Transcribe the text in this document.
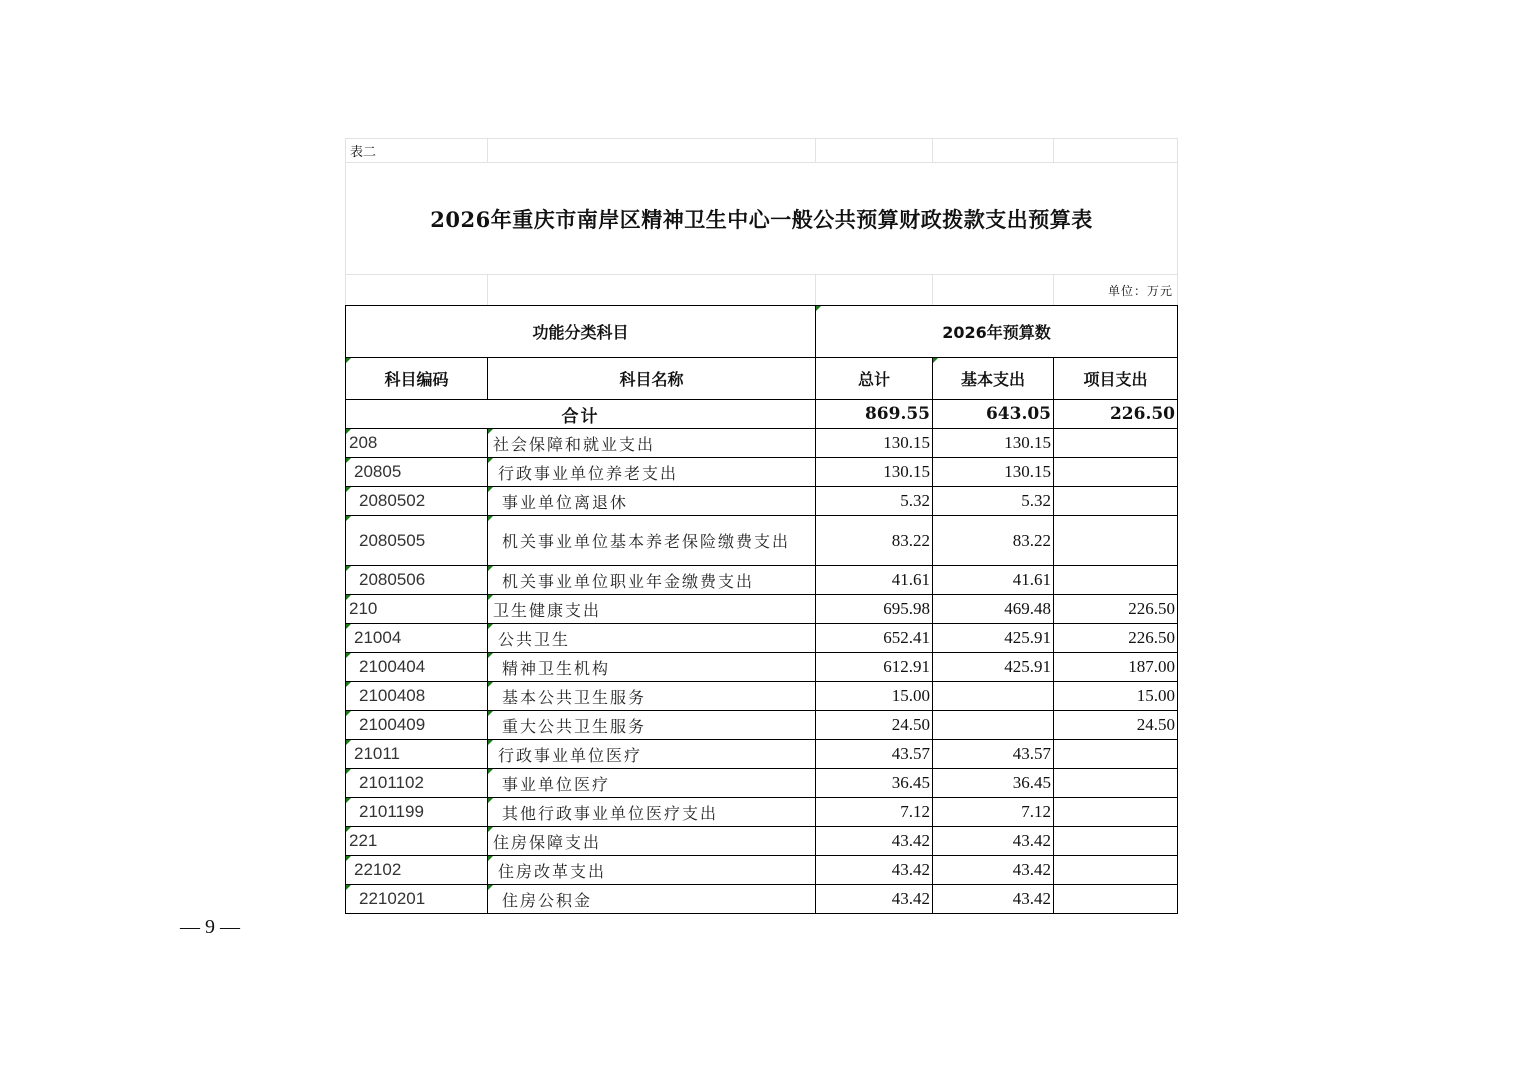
表二				
2026年重庆市南岸区精神卫生中心一般公共预算财政拨款支出预算表				
				单位：万元
功能分类科目		2026年预算数		

科目编码	科目名称	总计	基本支出	项目支出
合计		869.55	643.05	226.50

208	社会保障和就业支出	130.15	130.15	

20805	行政事业单位养老支出	130.15	130.15	

2080502	事业单位离退休	5.32	5.32	

2080505	机关事业单位基本养老保险缴费支出	83.22	83.22	

2080506	机关事业单位职业年金缴费支出	41.61	41.61	

210	卫生健康支出	695.98	469.48	226.50

21004	公共卫生	652.41	425.91	226.50

2100404	精神卫生机构	612.91	425.91	187.00

2100408	基本公共卫生服务	15.00		15.00

2100409	重大公共卫生服务	24.50		24.50

21011	行政事业单位医疗	43.57	43.57	

2101102	事业单位医疗	36.45	36.45	

2101199	其他行政事业单位医疗支出	7.12	7.12	

221	住房保障支出	43.42	43.42	

22102	住房改革支出	43.42	43.42	

2210201	住房公积金	43.42	43.42	
— 9 —
